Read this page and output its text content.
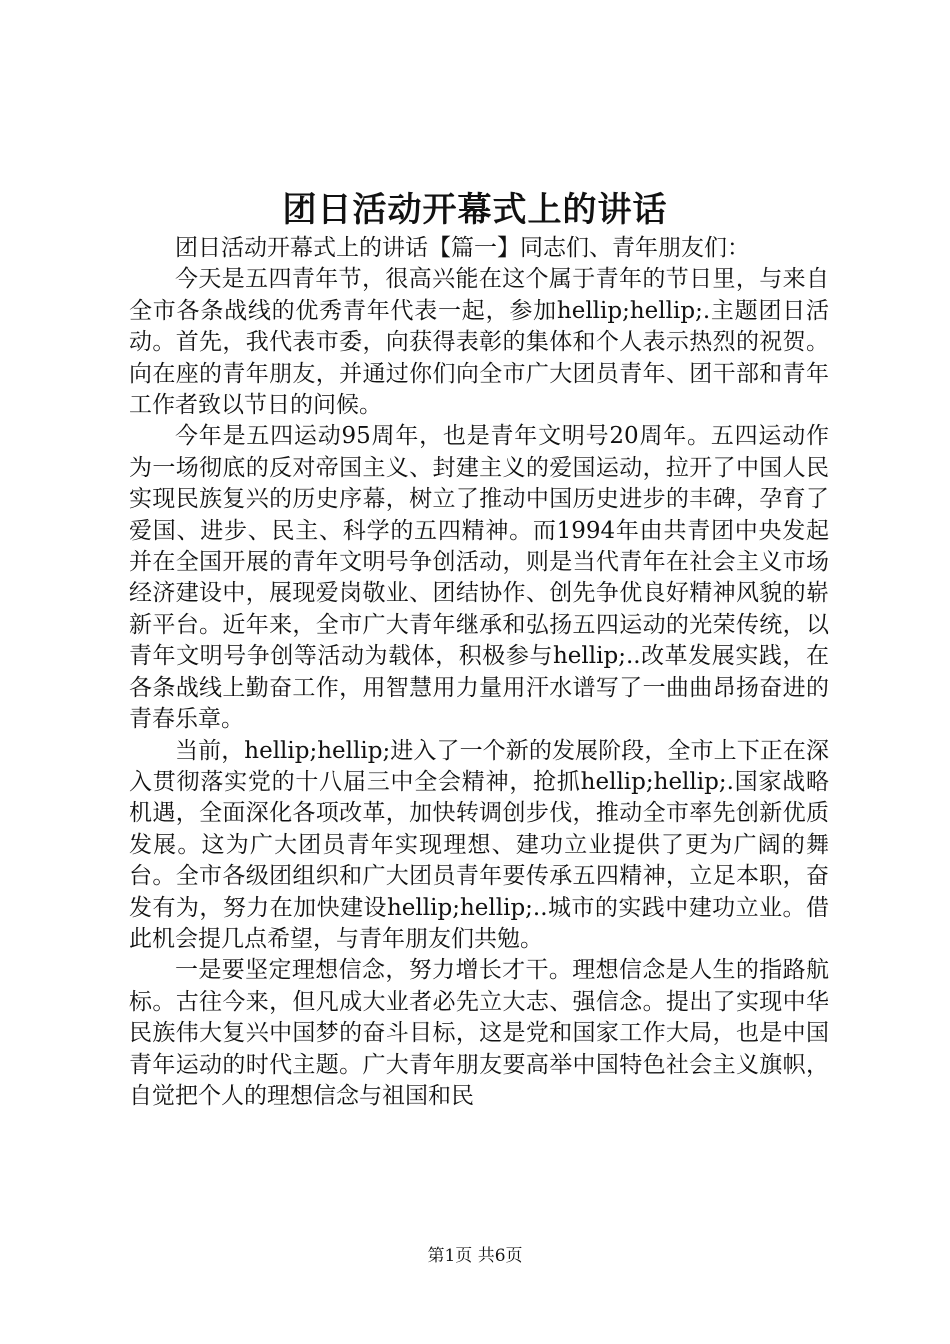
团日活动开幕式上的讲话

团日活动开幕式上的讲话【篇一】同志们、青年朋友们：

今天是五四青年节，很高兴能在这个属于青年的节日里，与来自全市各条战线的优秀青年代表一起，参加hellip;hellip;.主题团日活动。首先，我代表市委，向获得表彰的集体和个人表示热烈的祝贺。向在座的青年朋友，并通过你们向全市广大团员青年、团干部和青年工作者致以节日的问候。

今年是五四运动95周年，也是青年文明号20周年。五四运动作为一场彻底的反对帝国主义、封建主义的爱国运动，拉开了中国人民实现民族复兴的历史序幕，树立了推动中国历史进步的丰碑，孕育了爱国、进步、民主、科学的五四精神。而1994年由共青团中央发起并在全国开展的青年文明号争创活动，则是当代青年在社会主义市场经济建设中，展现爱岗敬业、团结协作、创先争优良好精神风貌的崭新平台。近年来，全市广大青年继承和弘扬五四运动的光荣传统，以青年文明号争创等活动为载体，积极参与hellip;..改革发展实践，在各条战线上勤奋工作，用智慧用力量用汗水谱写了一曲曲昂扬奋进的青春乐章。

当前，hellip;hellip;进入了一个新的发展阶段，全市上下正在深入贯彻落实党的十八届三中全会精神，抢抓hellip;hellip;.国家战略机遇，全面深化各项改革，加快转调创步伐，推动全市率先创新优质发展。这为广大团员青年实现理想、建功立业提供了更为广阔的舞台。全市各级团组织和广大团员青年要传承五四精神，立足本职，奋发有为，努力在加快建设hellip;hellip;..城市的实践中建功立业。借此机会提几点希望，与青年朋友们共勉。

一是要坚定理想信念，努力增长才干。理想信念是人生的指路航标。古往今来，但凡成大业者必先立大志、强信念。提出了实现中华民族伟大复兴中国梦的奋斗目标，这是党和国家工作大局，也是中国青年运动的时代主题。广大青年朋友要高举中国特色社会主义旗帜，自觉把个人的理想信念与祖国和民

第1页 共6页
